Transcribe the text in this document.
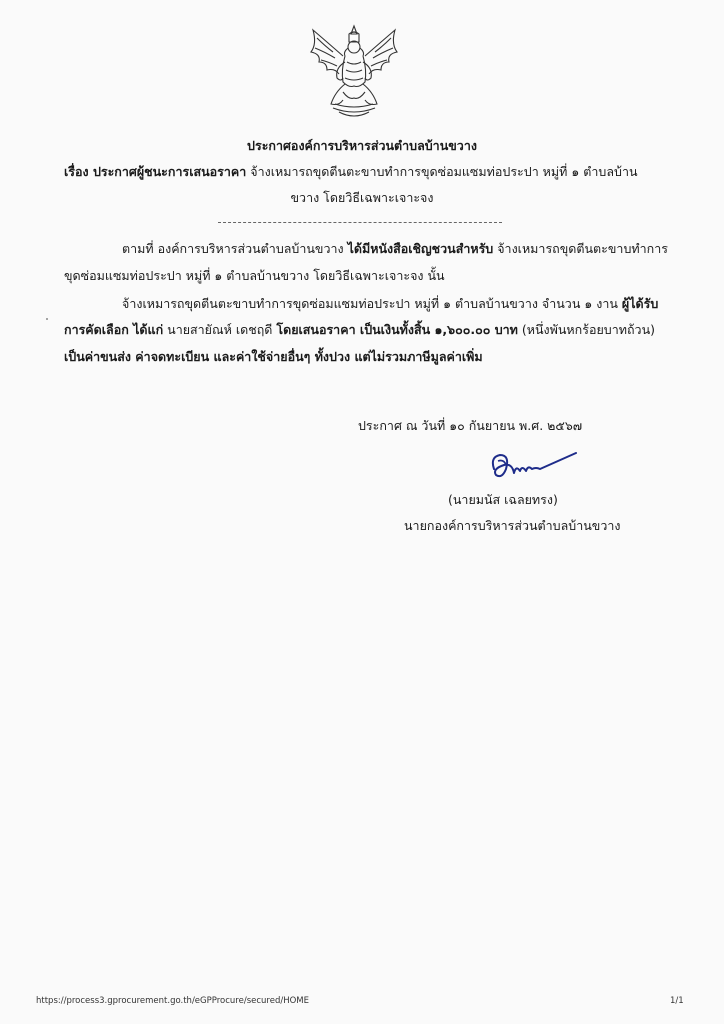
ประกาศองค์การบริหารส่วนตำบลบ้านขวาง
เรื่อง ประกาศผู้ชนะการเสนอราคา จ้างเหมารถขุดตีนตะขาบทำการขุดซ่อมแซมท่อประปา หมู่ที่ ๑ ตำบลบ้าน
ขวาง โดยวิธีเฉพาะเจาะจง
ตามที่ องค์การบริหารส่วนตำบลบ้านขวาง ได้มีหนังสือเชิญชวนสำหรับ จ้างเหมารถขุดตีนตะขาบทำการ
ขุดซ่อมแซมท่อประปา หมู่ที่ ๑ ตำบลบ้านขวาง โดยวิธีเฉพาะเจาะจง นั้น
จ้างเหมารถขุดตีนตะขาบทำการขุดซ่อมแซมท่อประปา หมู่ที่ ๑ ตำบลบ้านขวาง จำนวน ๑ งาน ผู้ได้รับ
การคัดเลือก ได้แก่ นายสายัณห์ เดชฤดี โดยเสนอราคา เป็นเงินทั้งสิ้น ๑,๖๐๐.๐๐ บาท (หนึ่งพันหกร้อยบาทถ้วน)
เป็นค่าขนส่ง ค่าจดทะเบียน และค่าใช้จ่ายอื่นๆ ทั้งปวง แต่ไม่รวมภาษีมูลค่าเพิ่ม
ประกาศ ณ วันที่ ๑๐ กันยายน พ.ศ. ๒๕๖๗
(นายมนัส เฉลยทรง)
นายกองค์การบริหารส่วนตำบลบ้านขวาง
https://process3.gprocurement.go.th/eGPProcure/secured/HOME	1/1
